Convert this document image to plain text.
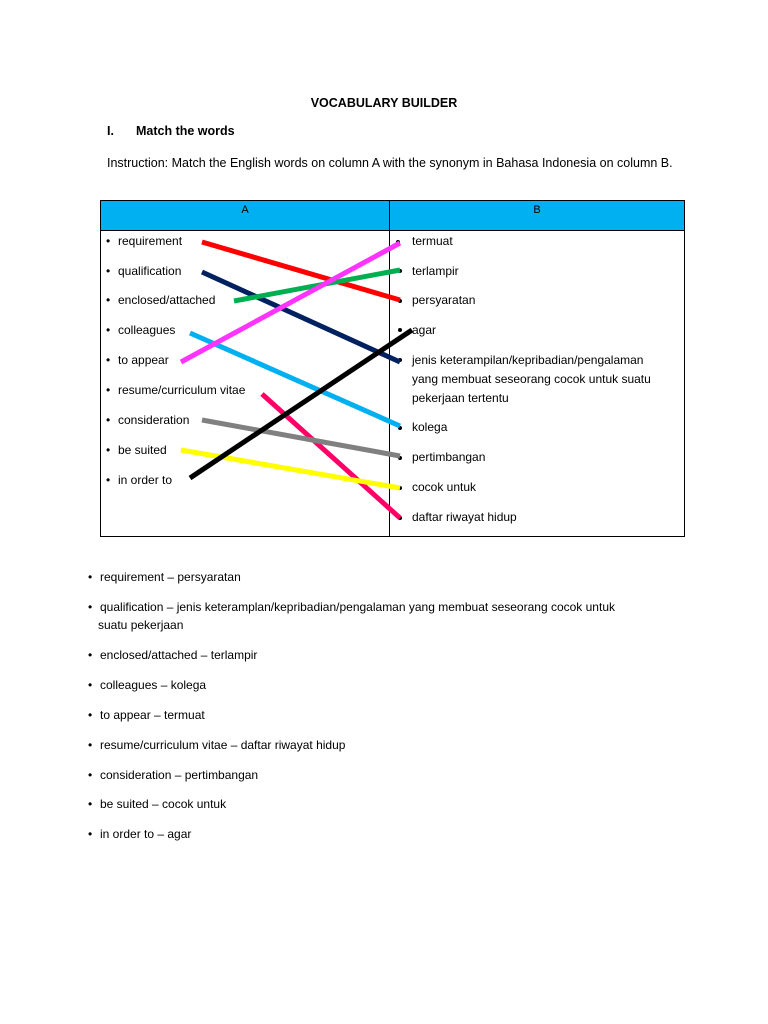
VOCABULARY BUILDER
I. Match the words
Instruction: Match the English words on column A with the synonym in Bahasa Indonesia on column B.
A	B
• requirement
• qualification
• enclosed/attached
• colleagues
• to appear
• resume/curriculum vitae
• consideration
• be suited
• in order to
termuat
terlampir
persyaratan
agar
jenis keterampilan/kepribadian/pengalaman
yang membuat seseorang cocok untuk suatu
pekerjaan tertentu
kolega
pertimbangan
cocok untuk
daftar riwayat hidup
• requirement – persyaratan
• qualification – jenis keteramplan/kepribadian/pengalaman yang membuat seseorang cocok untuk
suatu pekerjaan
• enclosed/attached – terlampir
• colleagues – kolega
• to appear – termuat
• resume/curriculum vitae – daftar riwayat hidup
• consideration – pertimbangan
• be suited – cocok untuk
• in order to – agar
